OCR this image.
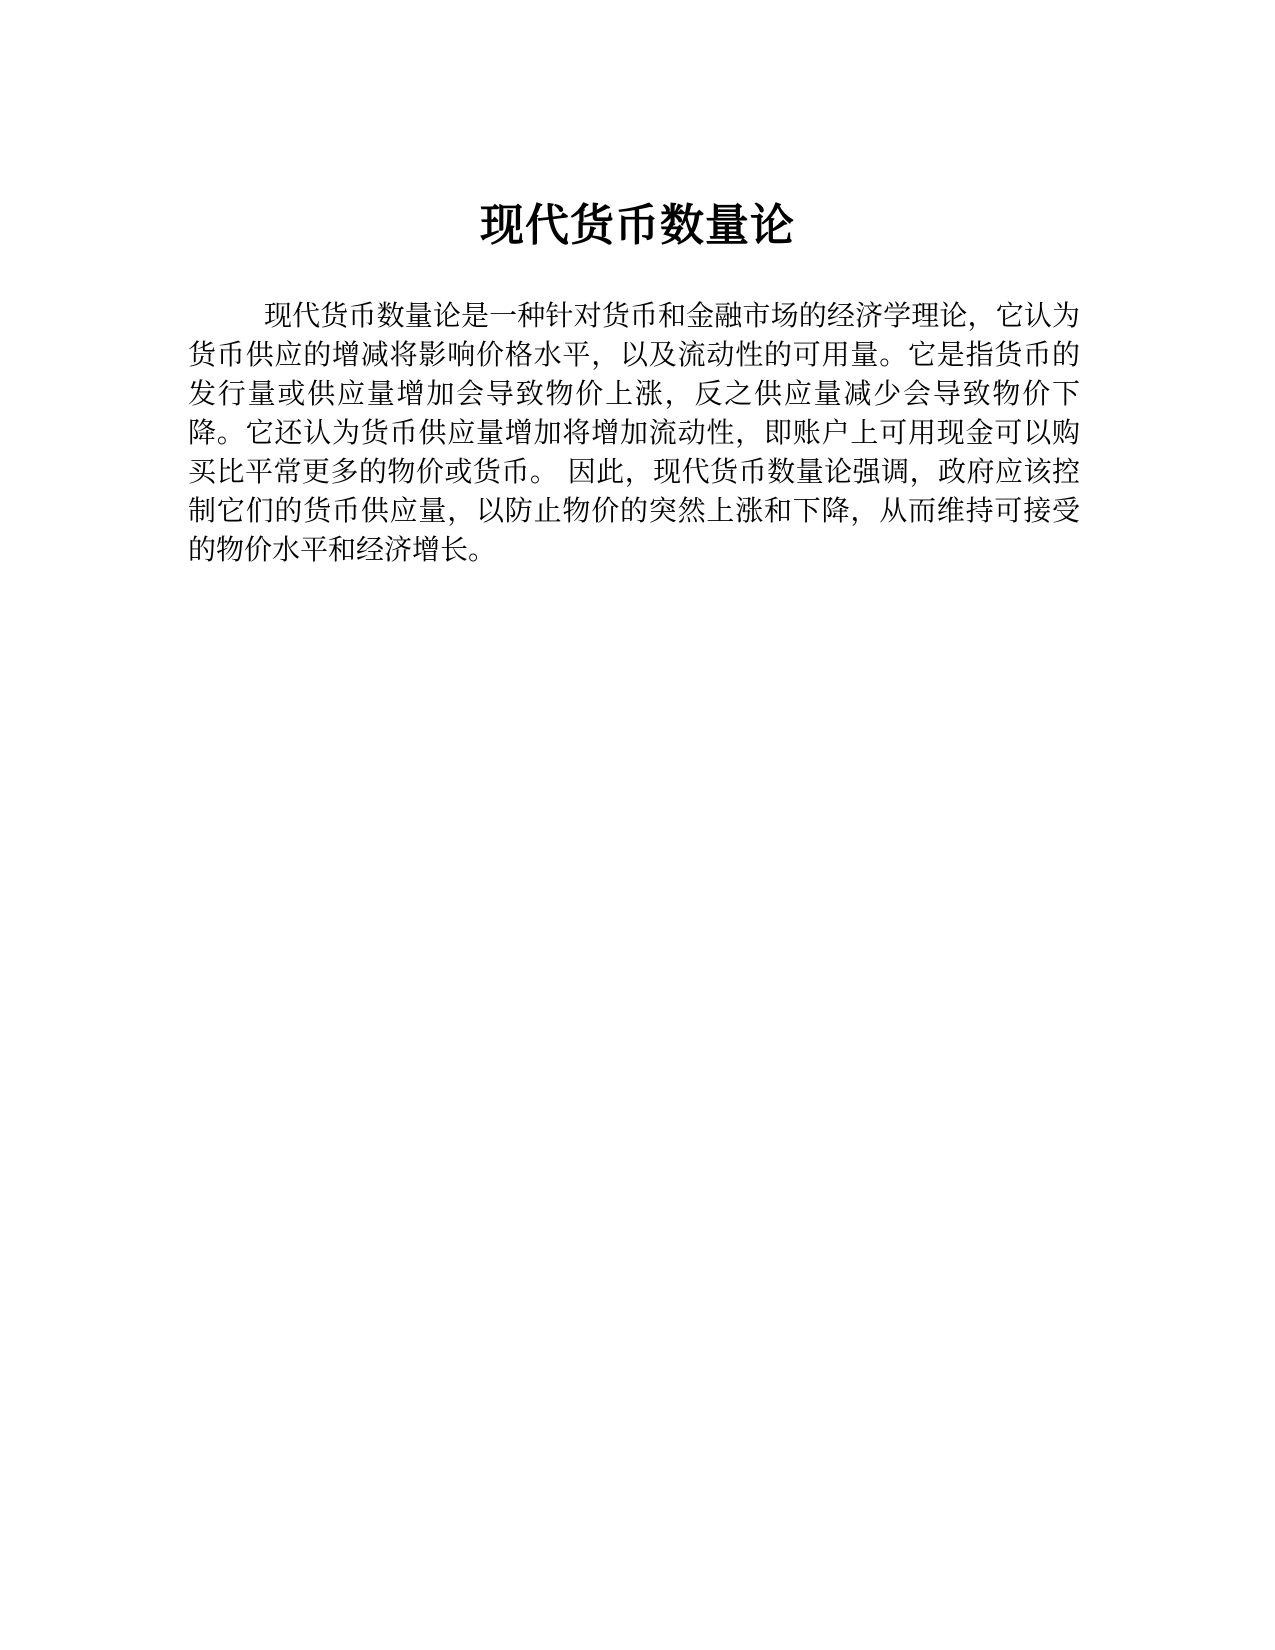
现代货币数量论

现代货币数量论是一种针对货币和金融市场的经济学理论，它认为货币供应的增减将影响价格水平，以及流动性的可用量。它是指货币的发行量或供应量增加会导致物价上涨，反之供应量减少会导致物价下降。它还认为货币供应量增加将增加流动性，即账户上可用现金可以购买比平常更多的物价或货币。 因此，现代货币数量论强调，政府应该控制它们的货币供应量，以防止物价的突然上涨和下降，从而维持可接受的物价水平和经济增长。
